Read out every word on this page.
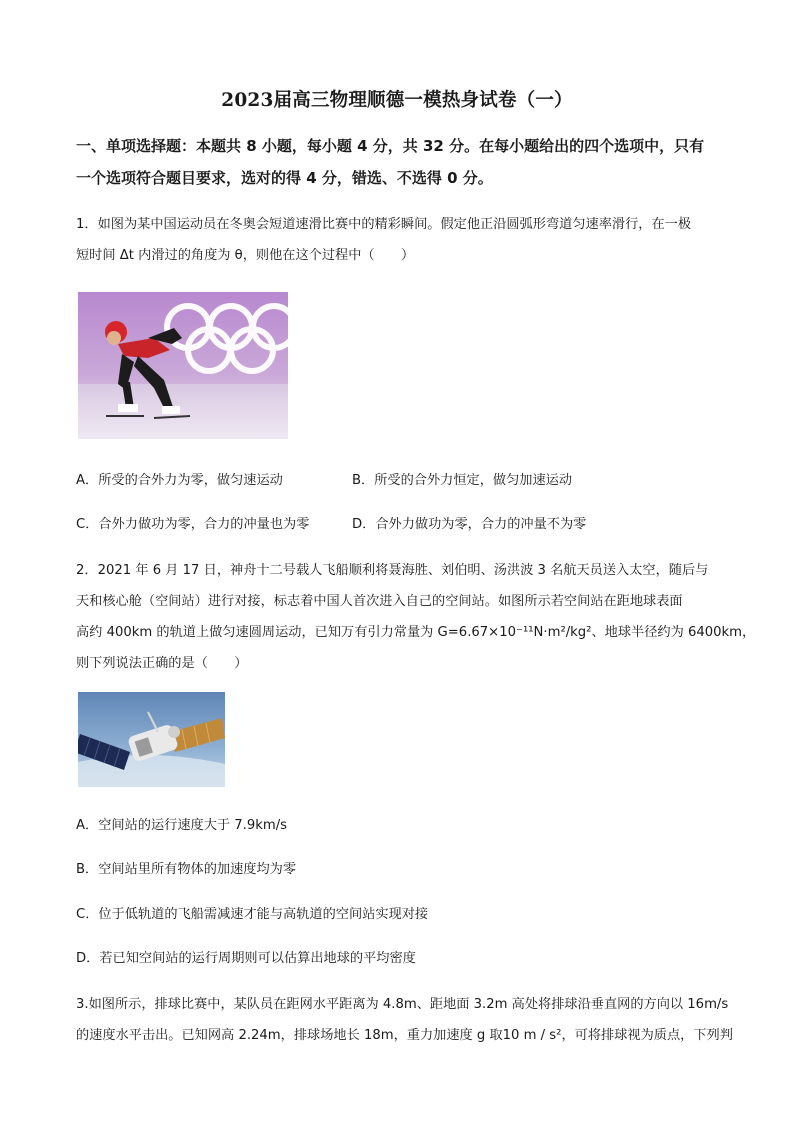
2023届高三物理顺德一模热身试卷（一）
一、单项选择题：本题共 8 小题，每小题 4 分，共 32 分。在每小题给出的四个选项中，只有
一个选项符合题目要求，选对的得 4 分，错选、不选得 0 分。
1．如图为某中国运动员在冬奥会短道速滑比赛中的精彩瞬间。假定他正沿圆弧形弯道匀速率滑行，在一极
短时间 Δt 内滑过的角度为 θ，则他在这个过程中（　　）
A．所受的合外力为零，做匀速运动	B．所受的合外力恒定，做匀加速运动
C．合外力做功为零，合力的冲量也为零	D．合外力做功为零，合力的冲量不为零
2．2021 年 6 月 17 日，神舟十二号载人飞船顺利将聂海胜、刘伯明、汤洪波 3 名航天员送入太空，随后与
天和核心舱（空间站）进行对接，标志着中国人首次进入自己的空间站。如图所示若空间站在距地球表面
高约 400km 的轨道上做匀速圆周运动，已知万有引力常量为 G=6.67×10⁻¹¹N·m²/kg²、地球半径约为 6400km，
则下列说法正确的是（　　）
A．空间站的运行速度大于 7.9km/s
B．空间站里所有物体的加速度均为零
C．位于低轨道的飞船需减速才能与高轨道的空间站实现对接
D．若已知空间站的运行周期则可以估算出地球的平均密度
3.如图所示，排球比赛中，某队员在距网水平距离为 4.8m、距地面 3.2m 高处将排球沿垂直网的方向以 16m/s
的速度水平击出。已知网高 2.24m，排球场地长 18m，重力加速度 g 取10 m / s²，可将排球视为质点，下列判
